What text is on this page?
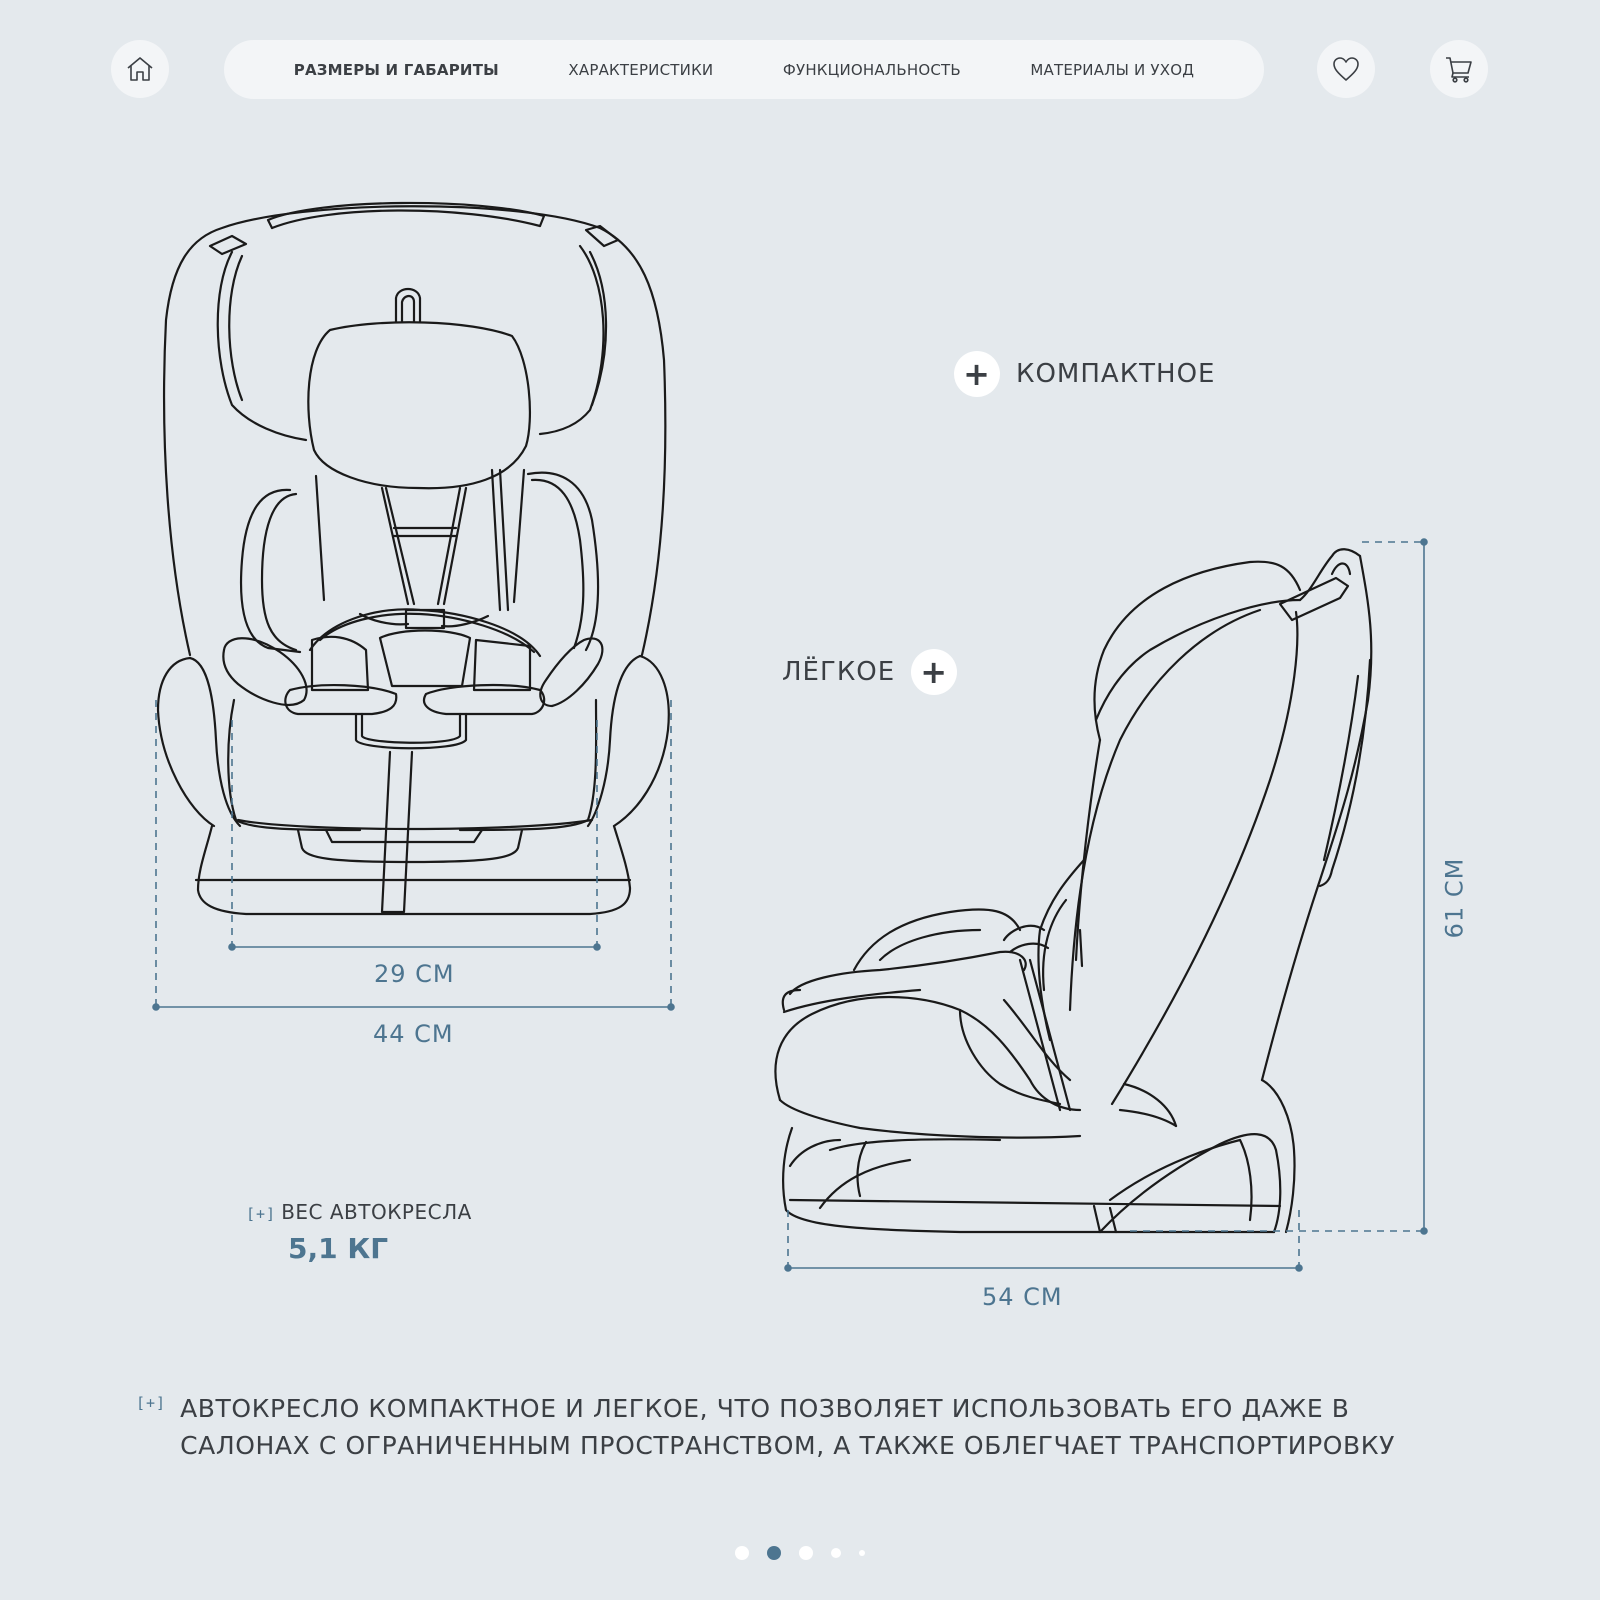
РАЗМЕРЫ И ГАБАРИТЫ	ХАРАКТЕРИСТИКИ	ФУНКЦИОНАЛЬНОСТЬ	МАТЕРИАЛЫ И УХОД
29 СМ
44 СМ
54 СМ
61 СМ
+ КОМПАКТНОЕ
ЛЁГКОЕ +
[+] ВЕС АВТОКРЕСЛА
5,1 КГ
[+] АВТОКРЕСЛО КОМПАКТНОЕ И ЛЕГКОЕ, ЧТО ПОЗВОЛЯЕТ ИСПОЛЬЗОВАТЬ ЕГО ДАЖЕ В САЛОНАХ С ОГРАНИЧЕННЫМ ПРОСТРАНСТВОМ, А ТАКЖЕ ОБЛЕГЧАЕТ ТРАНСПОРТИРОВКУ
